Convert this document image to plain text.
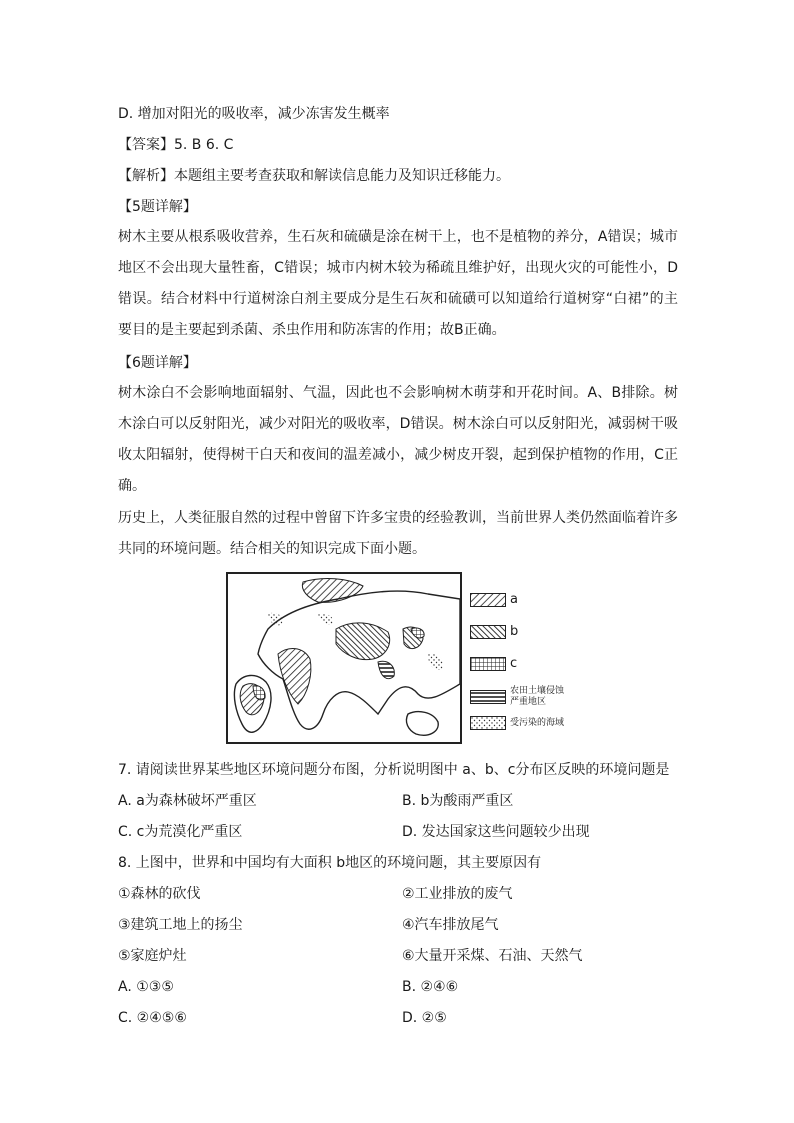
D. 增加对阳光的吸收率，减少冻害发生概率
【答案】5. B 6. C
【解析】本题组主要考查获取和解读信息能力及知识迁移能力。
【5题详解】
树木主要从根系吸收营养，生石灰和硫磺是涂在树干上，也不是植物的养分，A错误；城市地区不会出现大量牲畜，C错误；城市内树木较为稀疏且维护好，出现火灾的可能性小，D错误。结合材料中行道树涂白剂主要成分是生石灰和硫磺可以知道给行道树穿“白裙”的主要目的是主要起到杀菌、杀虫作用和防冻害的作用；故B正确。
【6题详解】
树木涂白不会影响地面辐射、气温，因此也不会影响树木萌芽和开花时间。A、B排除。树木涂白可以反射阳光，减少对阳光的吸收率，D错误。树木涂白可以反射阳光，减弱树干吸收太阳辐射，使得树干白天和夜间的温差减小，减少树皮开裂，起到保护植物的作用，C正确。
历史上，人类征服自然的过程中曾留下许多宝贵的经验教训，当前世界人类仍然面临着许多共同的环境问题。结合相关的知识完成下面小题。
a
b
c
农田土壤侵蚀严重地区
受污染的海域
7. 请阅读世界某些地区环境问题分布图，分析说明图中 a、b、c分布区反映的环境问题是
A. a为森林破坏严重区	B. b为酸雨严重区
C. c为荒漠化严重区	D. 发达国家这些问题较少出现
8. 上图中，世界和中国均有大面积 b地区的环境问题，其主要原因有
①森林的砍伐	②工业排放的废气
③建筑工地上的扬尘	④汽车排放尾气
⑤家庭炉灶	⑥大量开采煤、石油、天然气
A. ①③⑤	B. ②④⑥
C. ②④⑤⑥	D. ②⑤
